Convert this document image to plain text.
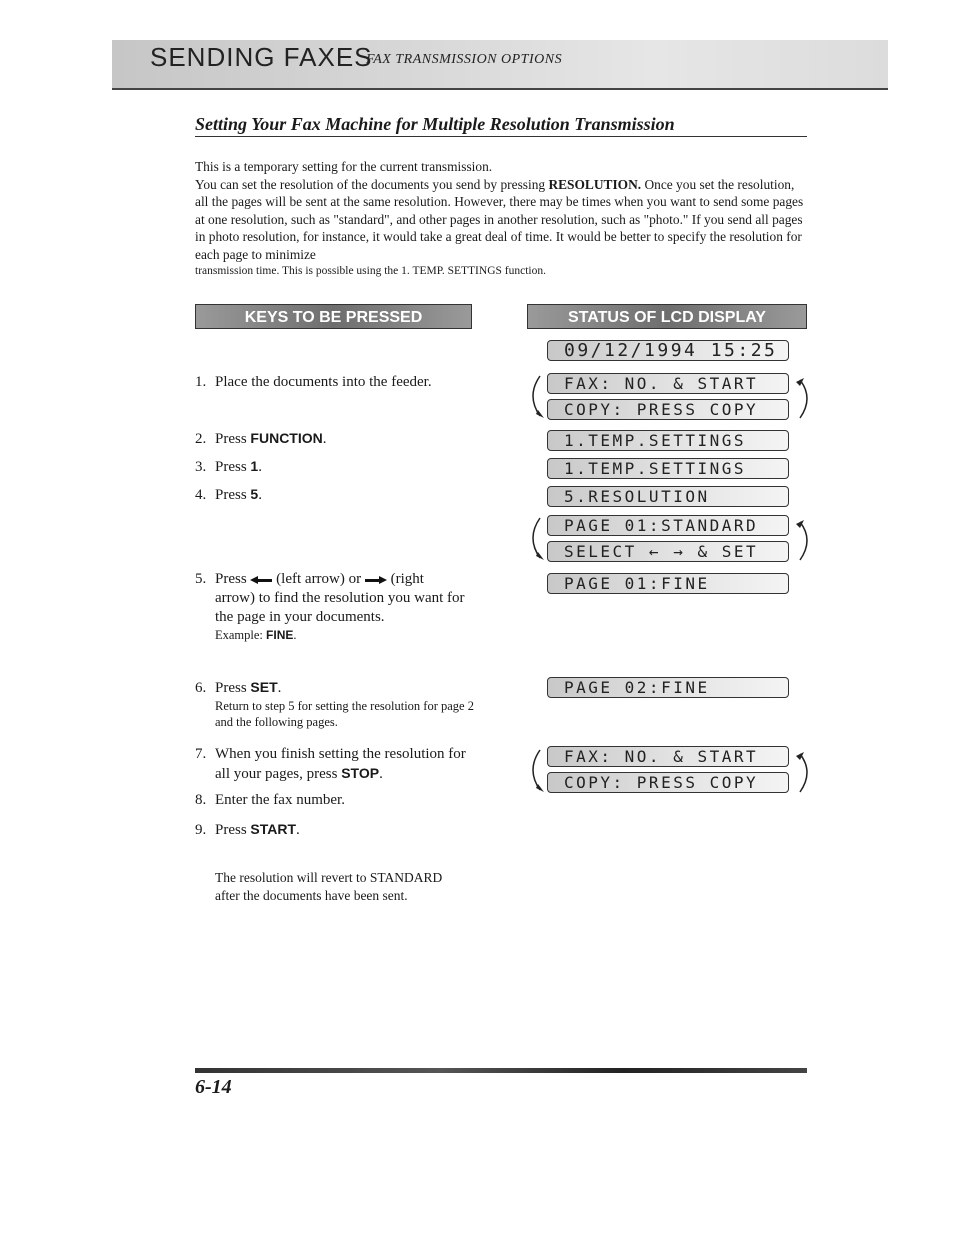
SENDING FAXES
FAX TRANSMISSION OPTIONS
Setting Your Fax Machine for Multiple Resolution Transmission

This is a temporary setting for the current transmission.

You can set the resolution of the documents you send by pressing RESOLUTION. Once you set the resolution, all the pages will be sent at the same resolution. However, there may be times when you want to send some pages at one resolution, such as "standard", and other pages in another resolution, such as "photo." If you send all pages in photo resolution, for instance, it would take a great deal of time. It would be better to specify the resolution for each page to minimize

transmission time. This is possible using the 1. TEMP. SETTINGS function.

KEYS TO BE PRESSED	STATUS OF LCD DISPLAY
1. Place the documents into the feeder.
2. Press FUNCTION.
3. Press 1.
4. Press 5.
5. Press  (left arrow) or  (right
arrow) to find the resolution you want for the page in your documents.
Example: FINE.
6. Press SET.
Return to step 5 for setting the resolution for page 2 and the following pages.
7. When you finish setting the resolution for all your pages, press STOP.
8. Enter the fax number.
9. Press START.
The resolution will revert to STANDARD after the documents have been sent.
09/12/1994 15:25
FAX: NO. & START
COPY: PRESS COPY
1.TEMP.SETTINGS
1.TEMP.SETTINGS
5.RESOLUTION
PAGE 01:STANDARD
SELECT ← → & SET
PAGE 01:FINE
PAGE 02:FINE
FAX: NO. & START
COPY: PRESS COPY
6-14
